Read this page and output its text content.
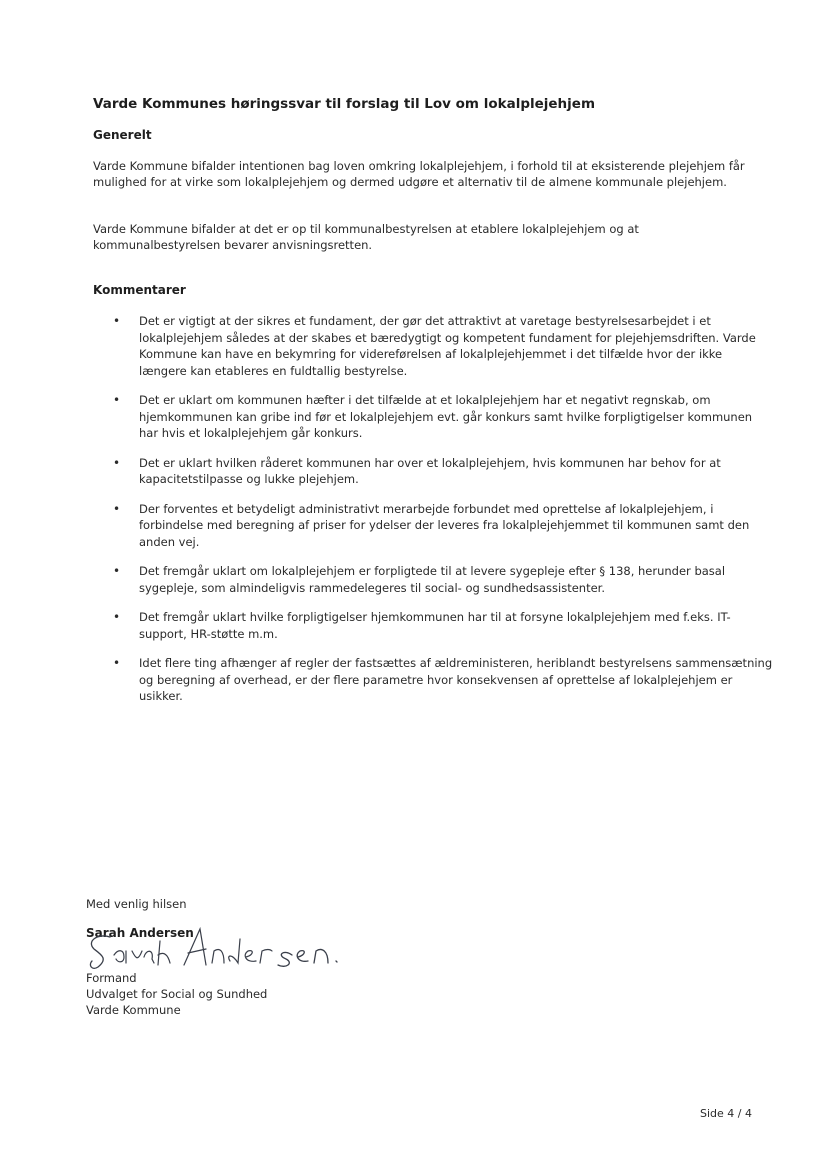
Varde Kommunes høringssvar til forslag til Lov om lokalplejehjem
Generelt

Varde Kommune bifalder intentionen bag loven omkring lokalplejehjem, i forhold til at eksisterende plejehjem får mulighed for at virke som lokalplejehjem og dermed udgøre et alternativ til de almene kommunale plejehjem.

Varde Kommune bifalder at det er op til kommunalbestyrelsen at etablere lokalplejehjem og at kommunalbestyrelsen bevarer anvisningsretten.

Kommentarer
• Det er vigtigt at der sikres et fundament, der gør det attraktivt at varetage bestyrelsesarbejdet i et lokalplejehjem således at der skabes et bæredygtigt og kompetent fundament for plejehjemsdriften. Varde Kommune kan have en bekymring for videreførelsen af lokalplejehjemmet i det tilfælde hvor der ikke længere kan etableres en fuldtallig bestyrelse.
• Det er uklart om kommunen hæfter i det tilfælde at et lokalplejehjem har et negativt regnskab, om hjemkommunen kan gribe ind før et lokalplejehjem evt. går konkurs samt hvilke forpligtigelser kommunen har hvis et lokalplejehjem går konkurs.
• Det er uklart hvilken råderet kommunen har over et lokalplejehjem, hvis kommunen har behov for at kapacitetstilpasse og lukke plejehjem.
• Der forventes et betydeligt administrativt merarbejde forbundet med oprettelse af lokalplejehjem, i forbindelse med beregning af priser for ydelser der leveres fra lokalplejehjemmet til kommunen samt den anden vej.
• Det fremgår uklart om lokalplejehjem er forpligtede til at levere sygepleje efter § 138, herunder basal sygepleje, som almindeligvis rammedelegeres til social- og sundhedsassistenter.
• Det fremgår uklart hvilke forpligtigelser hjemkommunen har til at forsyne lokalplejehjem med f.eks. IT-support, HR-støtte m.m.
• Idet flere ting afhænger af regler der fastsættes af ældreministeren, heriblandt bestyrelsens sammensætning og beregning af overhead, er der flere parametre hvor konsekvensen af oprettelse af lokalplejehjem er usikker.

Med venlig hilsen

Sarah Andersen

Formand

Udvalget for Social og Sundhed

Varde Kommune

Side 4 / 4
